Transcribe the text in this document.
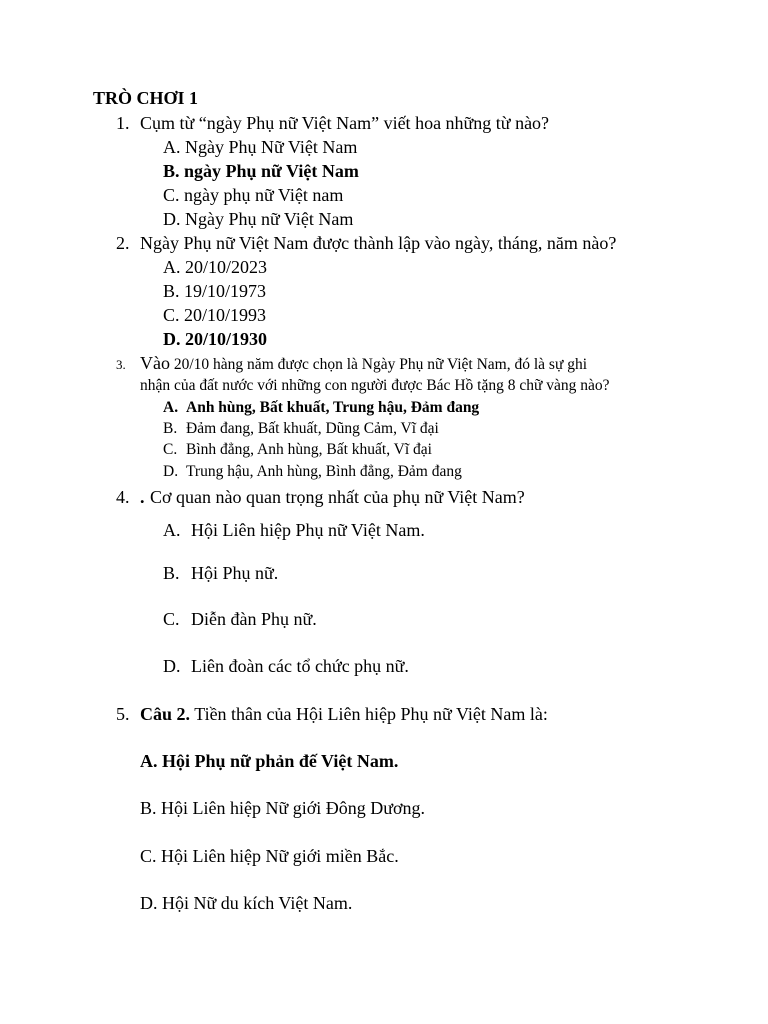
TRÒ CHƠI 1
1. Cụm từ “ngày Phụ nữ Việt Nam” viết hoa những từ nào?
A. Ngày Phụ Nữ Việt Nam
B. ngày Phụ nữ Việt Nam
C. ngày phụ nữ Việt nam
D. Ngày Phụ nữ Việt Nam
2. Ngày Phụ nữ Việt Nam được thành lập vào ngày, tháng, năm nào?
A. 20/10/2023
B. 19/10/1973
C. 20/10/1993
D. 20/10/1930
3. Vào 20/10 hàng năm được chọn là Ngày Phụ nữ Việt Nam, đó là sự ghi
nhận của đất nước với những con người được Bác Hồ tặng 8 chữ vàng nào?
A. Anh hùng, Bất khuất, Trung hậu, Đảm đang
B. Đảm đang, Bất khuất, Dũng Cảm, Vĩ đại
C. Bình đẳng, Anh hùng, Bất khuất, Vĩ đại
D. Trung hậu, Anh hùng, Bình đẳng, Đảm đang
4. . Cơ quan nào quan trọng nhất của phụ nữ Việt Nam?
A. Hội Liên hiệp Phụ nữ Việt Nam.
B. Hội Phụ nữ.
C. Diễn đàn Phụ nữ.
D. Liên đoàn các tổ chức phụ nữ.
5. Câu 2. Tiền thân của Hội Liên hiệp Phụ nữ Việt Nam là:
A. Hội Phụ nữ phản đế Việt Nam.
B. Hội Liên hiệp Nữ giới Đông Dương.
C. Hội Liên hiệp Nữ giới miền Bắc.
D. Hội Nữ du kích Việt Nam.
